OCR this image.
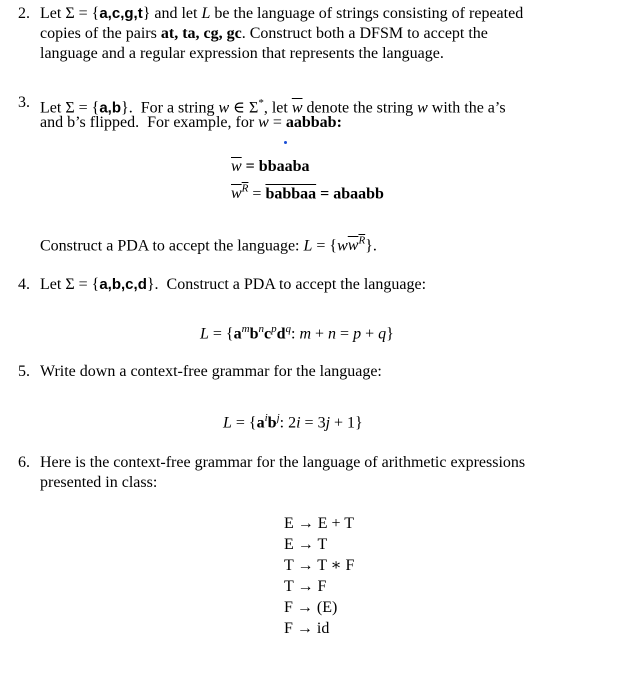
2. Let Σ = {a,c,g,t} and let L be the language of strings consisting of repeated
copies of the pairs at, ta, cg, gc. Construct both a DFSM to accept the
language and a regular expression that represents the language.
3. Let Σ = {a,b}.  For a string w ∈ Σ*, let $\overline{w}$ denote the string w with the a’s
and b’s flipped.  For example, for w = aabbab:
$\overline{w}$ = bbaaba
$w^R$ = babbaa = abaabb
Construct a PDA to accept the language: $L = \{ww^R\}$.
4. Let Σ = {a,b,c,d}.  Construct a PDA to accept the language:
$L = \{a^mb^nc^pd^q$: m + n = p + q}
5. Write down a context-free grammar for the language:
$L = \{a^ib^j$: 2i = 3j + 1}
6. Here is the context-free grammar for the language of arithmetic expressions
presented in class:
E → E + T
E → T
T → T ∗ F
T → F
F → (E)
F → id
